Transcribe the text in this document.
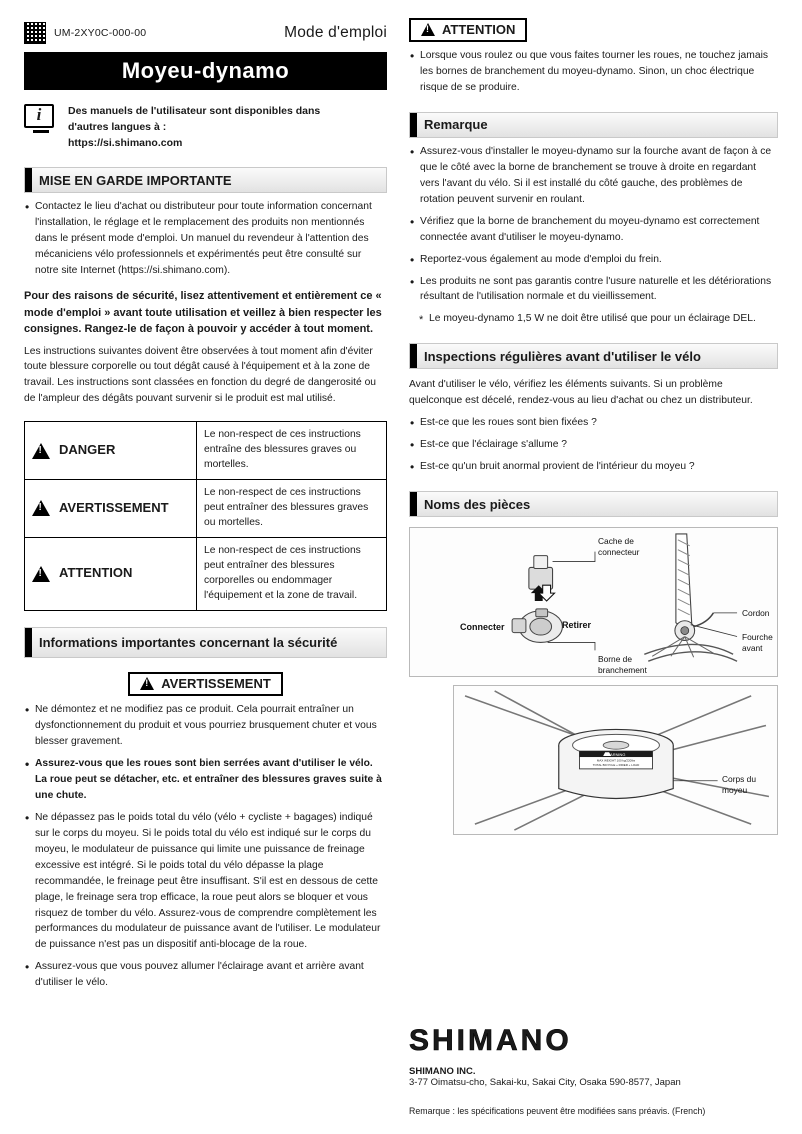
UM-2XY0C-000-00	Mode d'emploi
Moyeu-dynamo
i
Des manuels de l'utilisateur sont disponibles dans
d'autres langues à :
https://si.shimano.com
MISE EN GARDE IMPORTANTE
• Contactez le lieu d'achat ou distributeur pour toute information concernant l'installation, le réglage et le remplacement des produits non mentionnés dans le présent mode d'emploi. Un manuel du revendeur à l'attention des mécaniciens vélo professionnels et expérimentés peut être consulté sur notre site Internet (https://si.shimano.com).
Pour des raisons de sécurité, lisez attentivement et entièrement ce « mode d'emploi » avant toute utilisation et veillez à bien respecter les consignes. Rangez-le de façon à pouvoir y accéder à tout moment.

Les instructions suivantes doivent être observées à tout moment afin d'éviter toute blessure corporelle ou tout dégât causé à l'équipement et à la zone de travail. Les instructions sont classées en fonction du degré de dangerosité ou de l'ampleur des dégâts pouvant survenir si le produit est mal utilisé.

!
DANGER	Le non-respect de ces instructions entraîne des blessures graves ou mortelles.

!
AVERTISSEMENT	Le non-respect de ces instructions peut entraîner des blessures graves ou mortelles.

!
ATTENTION	Le non-respect de ces instructions peut entraîner des blessures corporelles ou endommager l'équipement et la zone de travail.
Informations importantes concernant la sécurité
!
AVERTISSEMENT
• Ne démontez et ne modifiez pas ce produit. Cela pourrait entraîner un dysfonctionnement du produit et vous pourriez brusquement chuter et vous blesser gravement.
• Assurez-vous que les roues sont bien serrées avant d'utiliser le vélo. La roue peut se détacher, etc. et entraîner des blessures graves suite à une chute.
• Ne dépassez pas le poids total du vélo (vélo + cycliste + bagages) indiqué sur le corps du moyeu. Si le poids total du vélo est indiqué sur le corps du moyeu, le modulateur de puissance qui limite une puissance de freinage excessive est intégré. Si le poids total du vélo dépasse la plage recommandée, le freinage peut être insuffisant. S'il est en dessous de cette plage, le freinage sera trop efficace, la roue peut alors se bloquer et vous risquez de tomber du vélo. Assurez-vous de comprendre complètement les performances du modulateur de puissance avant de l'utiliser. Le modulateur de puissance n'est pas un dispositif anti-blocage de la roue.
• Assurez-vous que vous pouvez allumer l'éclairage avant et arrière avant d'utiliser le vélo.
!
ATTENTION
• Lorsque vous roulez ou que vous faites tourner les roues, ne touchez jamais les bornes de branchement du moyeu-dynamo. Sinon, un choc électrique risque de se produire.
Remarque
• Assurez-vous d'installer le moyeu-dynamo sur la fourche avant de façon à ce que le côté avec la borne de branchement se trouve à droite en regardant vers l'avant du vélo. Si il est installé du côté gauche, des problèmes de rotation peuvent survenir en roulant.
• Vérifiez que la borne de branchement du moyeu-dynamo est correctement connectée avant d'utiliser le moyeu-dynamo.
• Reportez-vous également au mode d'emploi du frein.
• Les produits ne sont pas garantis contre l'usure naturelle et les détériorations résultant de l'utilisation normale et du vieillissement.
* Le moyeu-dynamo 1,5 W ne doit être utilisé que pour un éclairage DEL.
Inspections régulières avant d'utiliser le vélo

Avant d'utiliser le vélo, vérifiez les éléments suivants. Si un problème quelconque est décelé, rendez-vous au lieu d'achat ou chez un distributeur.

• Est-ce que les roues sont bien fixées ?
• Est-ce que l'éclairage s'allume ?
• Est-ce qu'un bruit anormal provient de l'intérieur du moyeu ?
Noms des pièces
Cache de
connecteur
Connecter	Retirer
Borne de
branchement
Cordon
Fourche avant
WARNING
MAX WEIGHT 100 kg/220lbs
TOTAL BICYCLE + RIDER + LOAD
Corps du
moyeu
SHIMANO
SHIMANO INC.
3-77 Oimatsu-cho, Sakai-ku, Sakai City, Osaka 590-8577, Japan
Remarque : les spécifications peuvent être modifiées sans préavis. (French)
